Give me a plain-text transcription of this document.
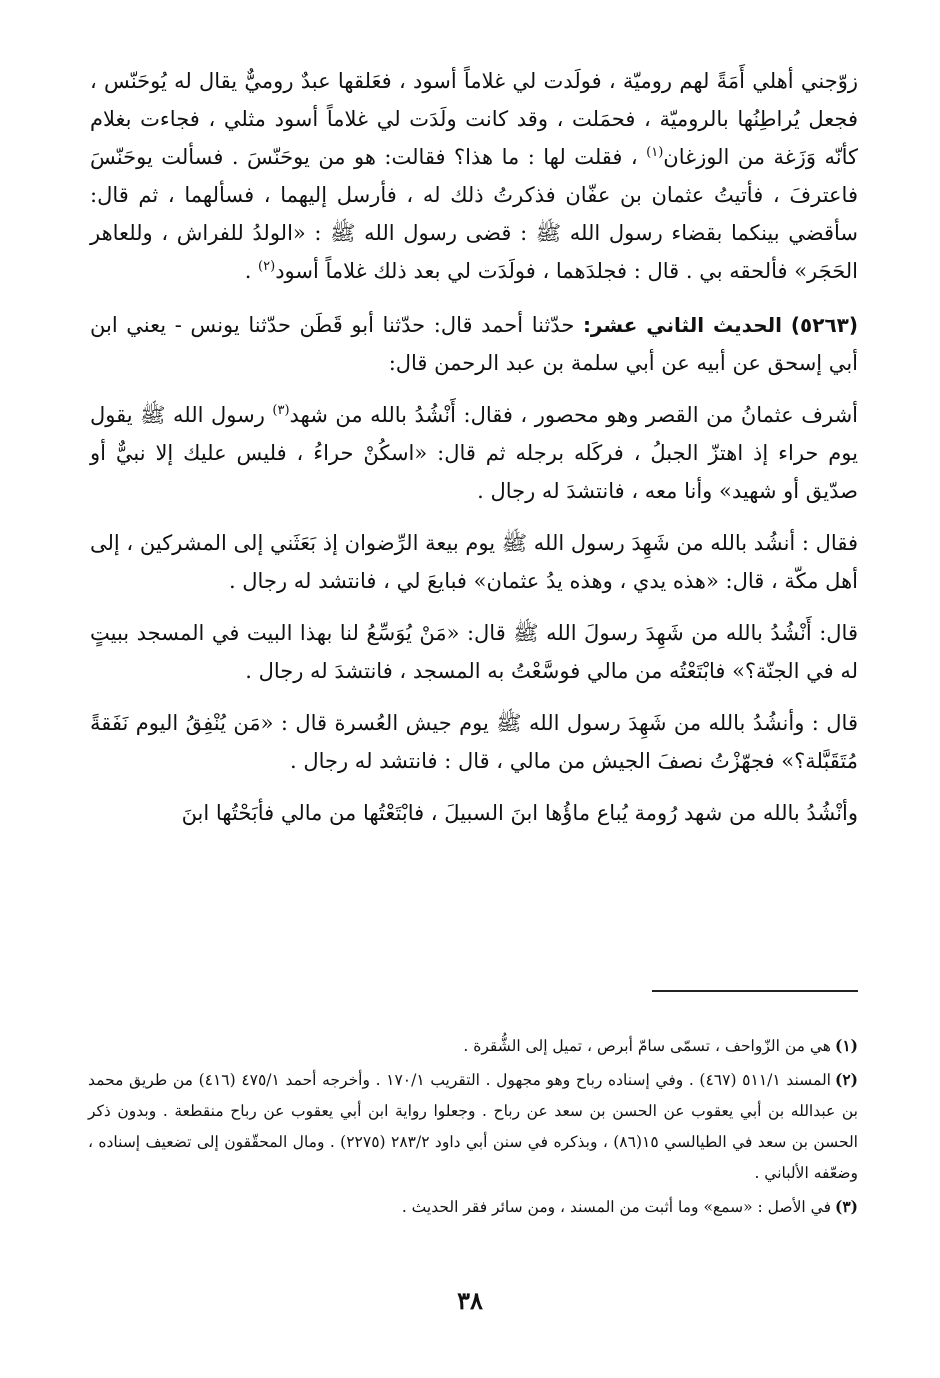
زوّجني أهلي أَمَةً لهم روميّة ، فولَدت لي غلاماً أسود ، فعَلقها عبدٌ روميٌّ يقال له يُوحَنّس ، فجعل يُراطِنُها بالروميّة ، فحمَلت ، وقد كانت ولَدَت لي غلاماً أسود مثلي ، فجاءت بغلام كأنّه وَزَغة من الوزغان$^{(١)}$ ، فقلت لها : ما هذا؟ فقالت: هو من يوحَنّسَ . فسألت يوحَنّسَ فاعترفَ ، فأتيتُ عثمان بن عفّان فذكرتُ ذلك له ، فأرسل إليهما ، فسألهما ، ثم قال: سأقضي بينكما بقضاء رسول الله ﷺ : قضى رسول الله ﷺ : «الولدُ للفراش ، وللعاهر الحَجَر» فألحقه بي . قال : فجلدَهما ، فولَدَت لي بعد ذلك غلاماً أسود$^{(٢)}$ .

(٥٢٦٣) الحديث الثاني عشر: حدّثنا أحمد قال: حدّثنا أبو قَطَن حدّثنا يونس - يعني ابن أبي إسحق عن أبيه عن أبي سلمة بن عبد الرحمن قال:

أشرف عثمانُ من القصر وهو محصور ، فقال: أَنْشُدُ بالله من شهد$^{(٣)}$ رسول الله ﷺ يقول يوم حراء إذ اهتزّ الجبلُ ، فركَله برجله ثم قال: «اسكُنْ حراءُ ، فليس عليك إلا نبيٌّ أو صدّيق أو شهيد» وأنا معه ، فانتشدَ له رجال .

فقال : أنشُد بالله من شَهِدَ رسول الله ﷺ يوم بيعة الرِّضوان إذ بَعَثَني إلى المشركين ، إلى أهل مكّة ، قال: «هذه يدي ، وهذه يدُ عثمان» فبايعَ لي ، فانتشد له رجال .

قال: أَنْشُدُ بالله من شَهِدَ رسولَ الله ﷺ قال: «مَنْ يُوَسِّعُ لنا بهذا البيت في المسجد ببيتٍ له في الجنّة؟» فابْتَعْتُه من مالي فوسَّعْتُ به المسجد ، فانتشدَ له رجال .

قال : وأنشُدُ بالله من شَهِدَ رسول الله ﷺ يوم جيش العُسرة قال : «مَن يُنْفِقُ اليوم نَفَقةً مُتَقَبَّلة؟» فجهّزْتُ نصفَ الجيش من مالي ، قال : فانتشد له رجال .

وأنْشُدُ بالله من شهد رُومة يُباع ماؤُها ابنَ السبيلَ ، فابْتَعْتُها من مالي فأبَحْتُها ابنَ

(١)هي من الزّواحف ، تسمّى سامّ أبرص ، تميل إلى الشُّقرة .

(٢)المسند ٥١١/١ (٤٦٧) . وفي إسناده رباح وهو مجهول . التقريب ١٧٠/١ . وأخرجه أحمد ٤٧٥/١ (٤١٦) من طريق محمد بن عبدالله بن أبي يعقوب عن الحسن بن سعد عن رباح . وجعلوا رواية ابن أبي يعقوب عن رباح منقطعة . وبدون ذكر الحسن بن سعد في الطيالسي ١٥(٨٦) ، وبذكره في سنن أبي داود ٢٨٣/٢ (٢٢٧٥) . ومال المحقّقون إلى تضعيف إسناده ، وضعّفه الألباني .

(٣)في الأصل : «سمع» وما أثبت من المسند ، ومن سائر فقر الحديث .

٣٨
